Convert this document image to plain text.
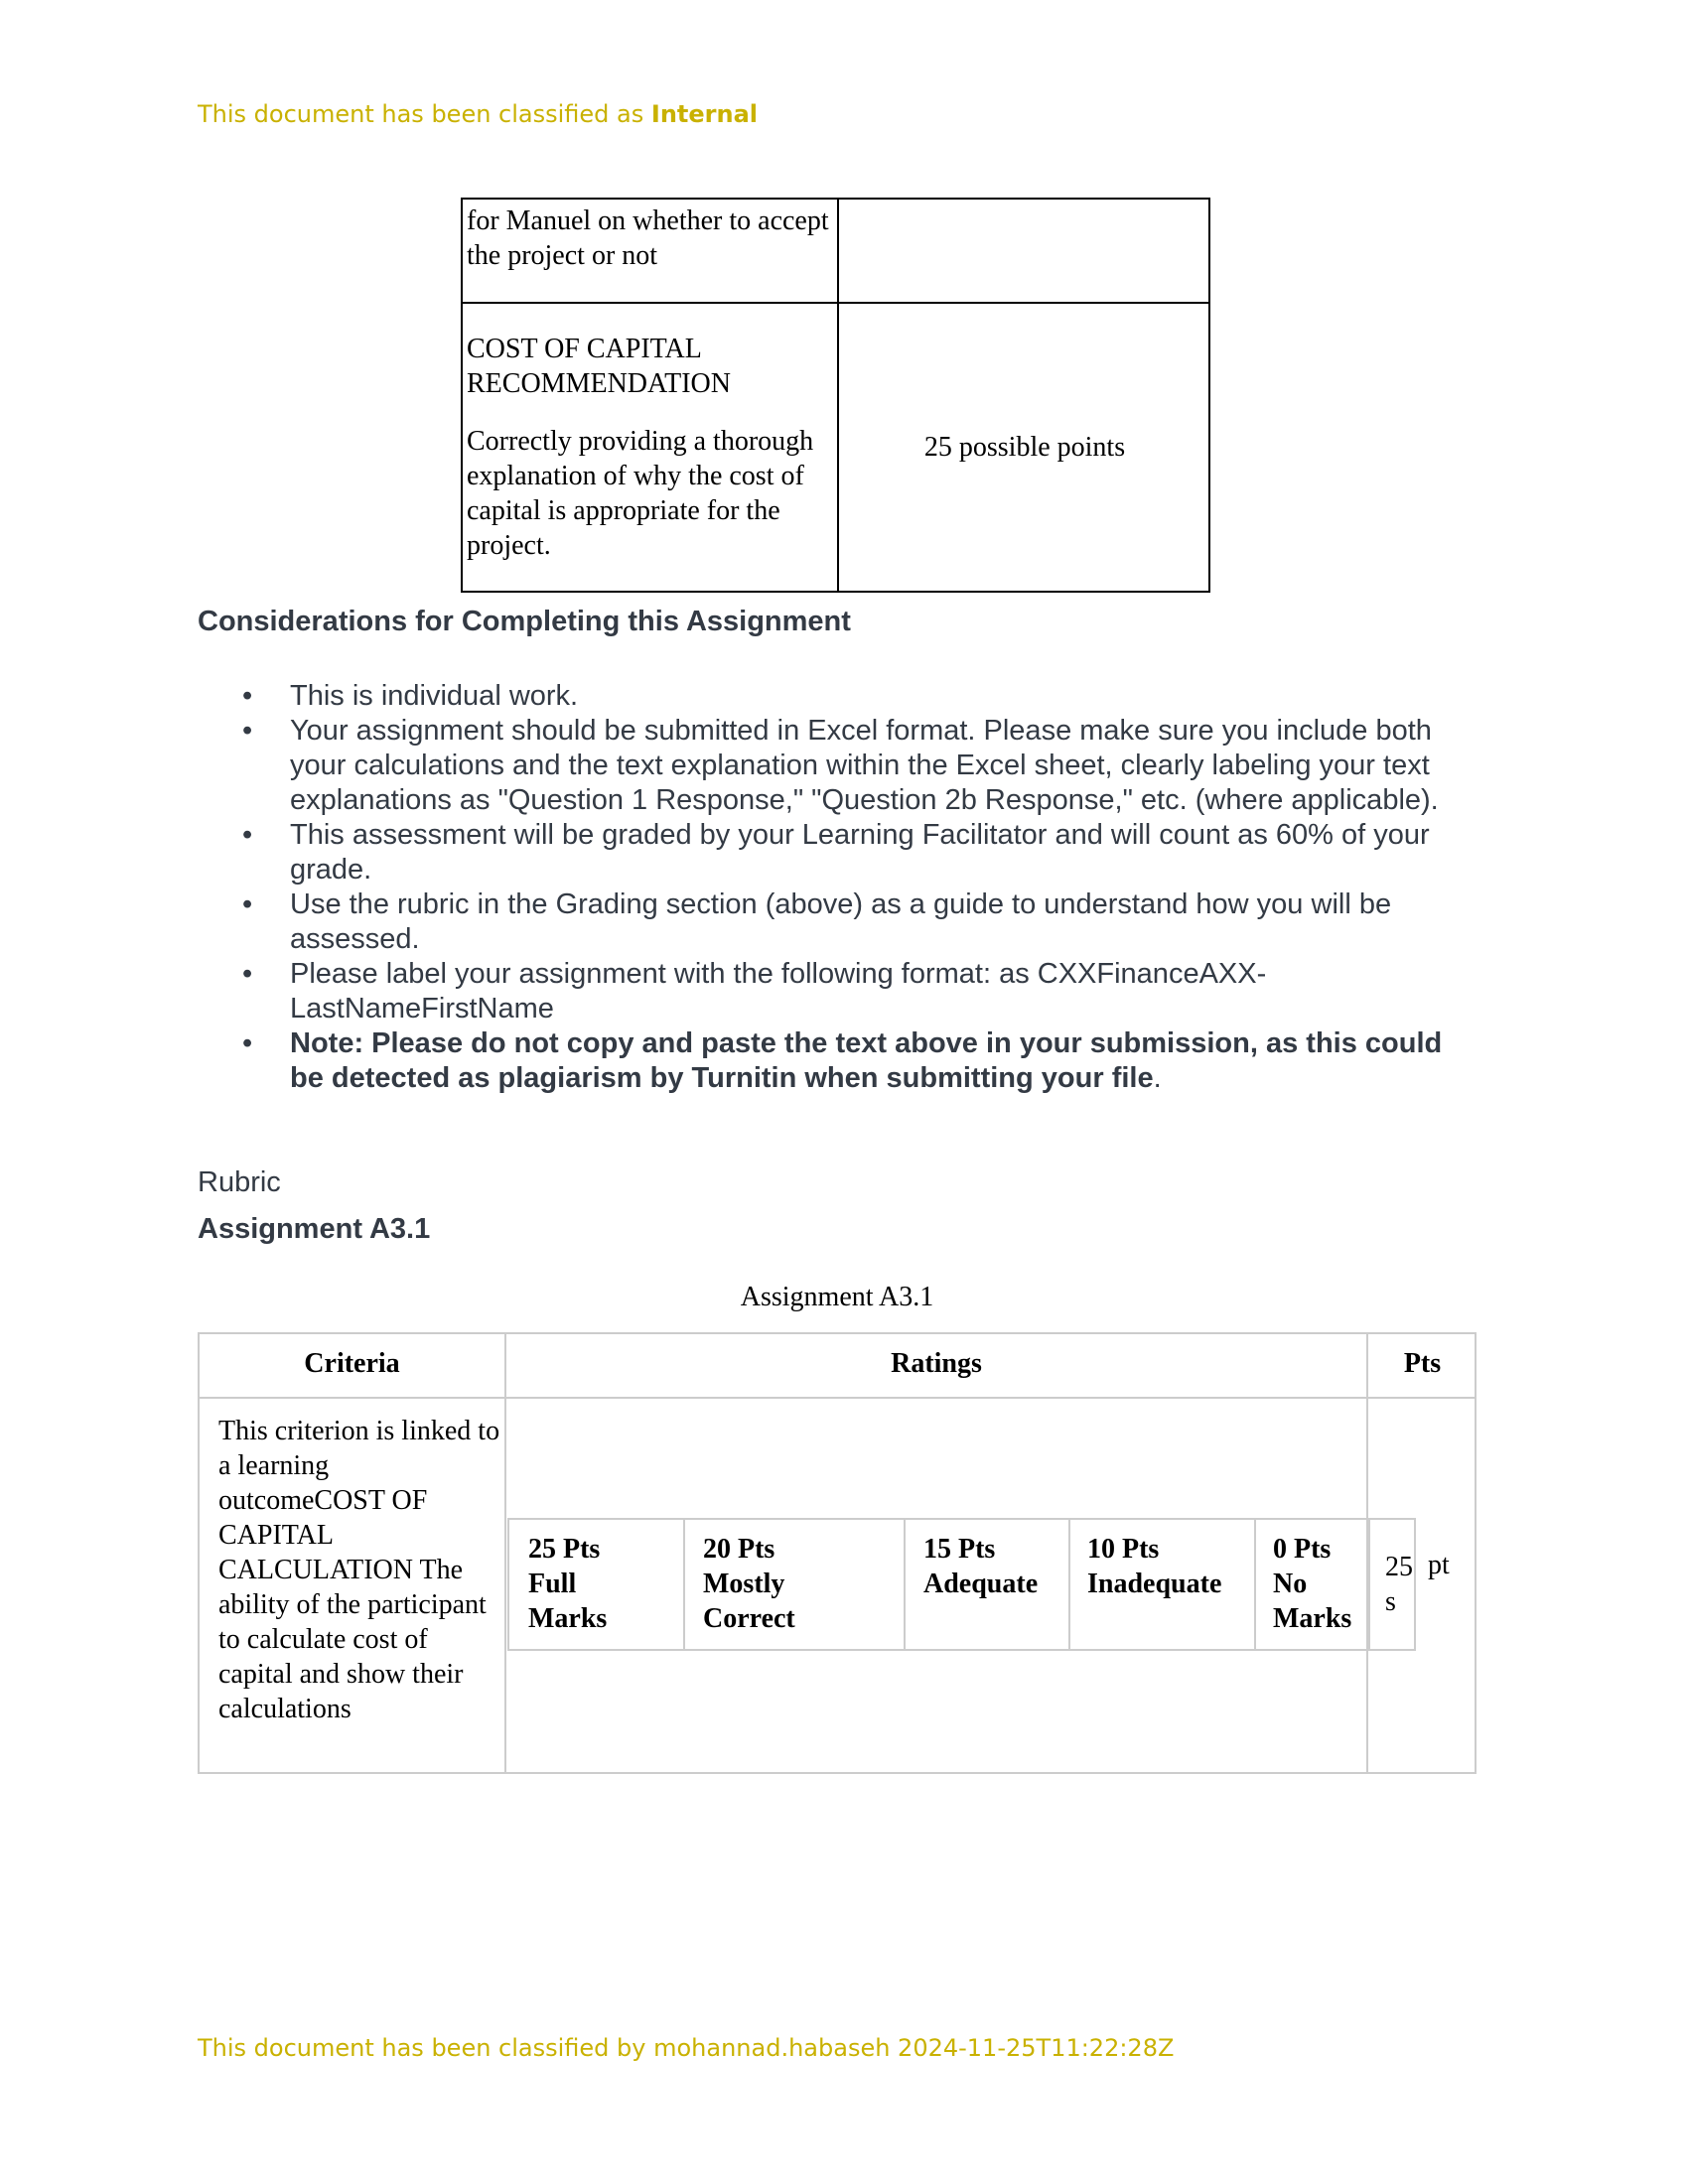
This document has been classified as Internal
for Manuel on whether to accept the project or not
COST OF CAPITAL RECOMMENDATION
Correctly providing a thorough explanation of why the cost of capital is appropriate for the project.
25 possible points
Considerations for Completing this Assignment
• This is individual work.
• Your assignment should be submitted in Excel format. Please make sure you include both your calculations and the text explanation within the Excel sheet, clearly labeling your text explanations as "Question 1 Response," "Question 2b Response," etc. (where applicable).
• This assessment will be graded by your Learning Facilitator and will count as 60% of your grade.
• Use the rubric in the Grading section (above) as a guide to understand how you will be assessed.
• Please label your assignment with the following format: as CXXFinanceAXX-LastNameFirstName
• Note: Please do not copy and paste the text above in your submission, as this could be detected as plagiarism by Turnitin when submitting your file.
Rubric
Assignment A3.1
Assignment A3.1
Criteria	Ratings	Pts
This criterion is linked to a learning outcomeCOST OF CAPITAL CALCULATION The ability of the participant to calculate cost of capital and show their calculations
25 Pts
Full Marks
20 Pts
Mostly Correct
15 Pts
Adequate
10 Pts
Inadequate
0 Pts
No Marks
25
s
pt
This document has been classified by mohannad.habaseh 2024-11-25T11:22:28Z
